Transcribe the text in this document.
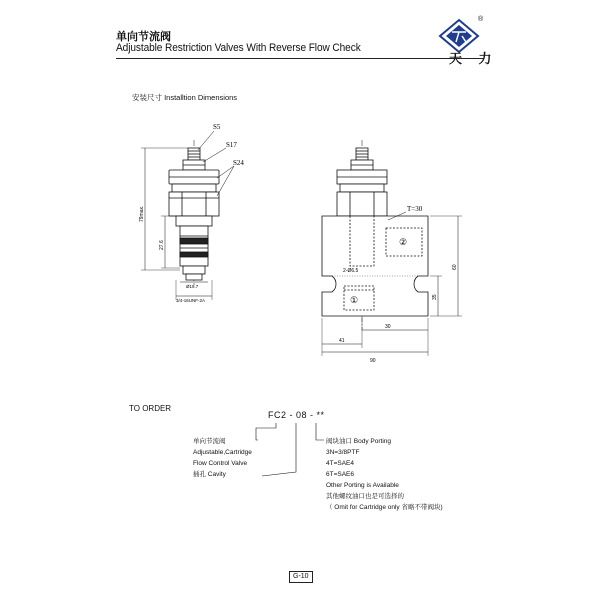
单向节流阀
Adjustable Restriction Valves With Reverse Flow Check
®
天 力
S5
S17
S24
79max.
27.6
Ø19.7
3/4-16UNF-2A
T=30
②
2-Ø6.5
①
30
41
90
60
35
安装尺寸 Installtion Dimensions
TO ORDER
FC2 - 08 - **
单向节流阀
Adjustable,Cartridge
Flow Control Valve
插孔 Cavity
阀块油口 Body Porting
3N=3/8PTF
4T=SAE4
6T=SAE6
Other Porting is Available
其他螺纹油口也是可选择的
（ Omit for Cartridge only 省略不带阀块)
G-10
